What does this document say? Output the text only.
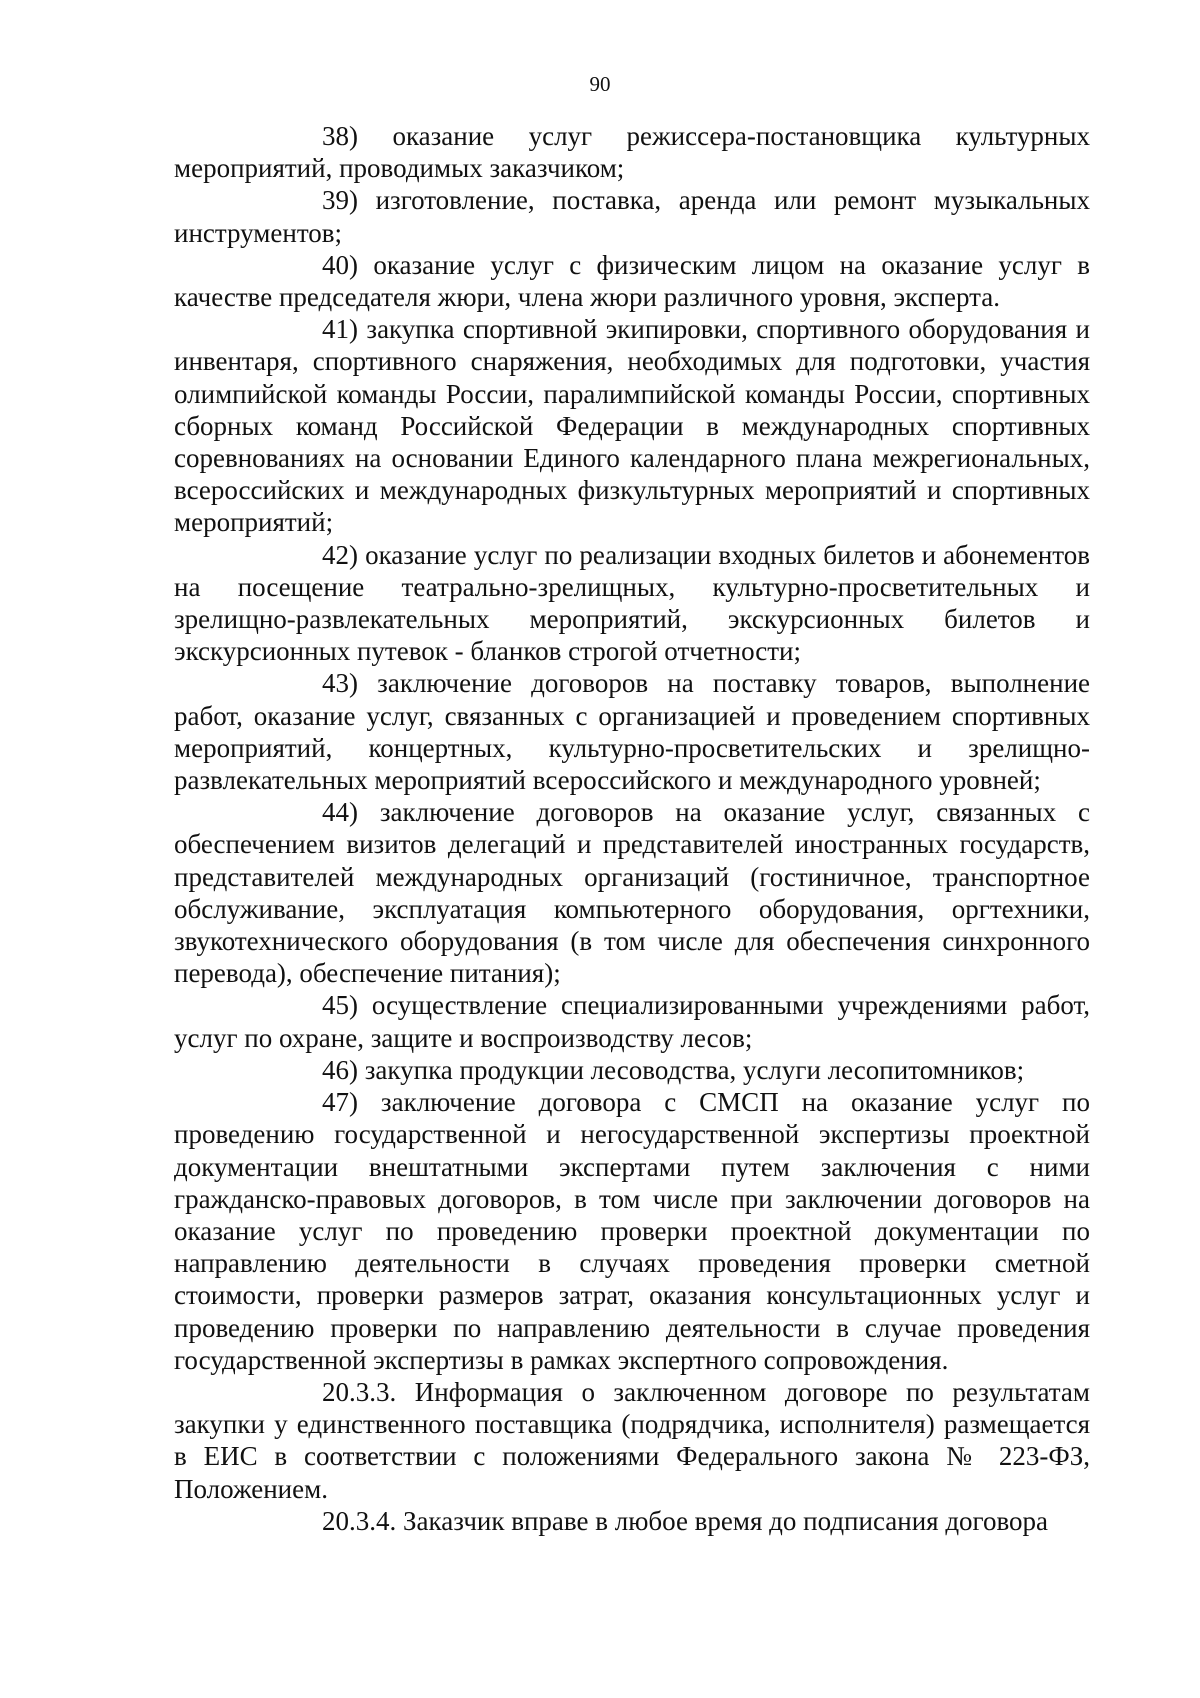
90

38) оказание услуг режиссера-постановщика культурных мероприятий, проводимых заказчиком;

39) изготовление, поставка, аренда или ремонт музыкальных инструментов;

40) оказание услуг с физическим лицом на оказание услуг в качестве председателя жюри, члена жюри различного уровня, эксперта.

41) закупка спортивной экипировки, спортивного оборудования и инвентаря, спортивного снаряжения, необходимых для подготовки, участия олимпийской команды России, паралимпийской команды России, спортивных сборных команд Российской Федерации в международных спортивных соревнованиях на основании Единого календарного плана межрегиональных, всероссийских и международных физкультурных мероприятий и спортивных мероприятий;

42) оказание услуг по реализации входных билетов и абонементов на посещение театрально-зрелищных, культурно-просветительных и зрелищно-развлекательных мероприятий, экскурсионных билетов и экскурсионных путевок - бланков строгой отчетности;

43) заключение договоров на поставку товаров, выполнение работ, оказание услуг, связанных с организацией и проведением спортивных мероприятий, концертных, культурно-просветительских и зрелищно-развлекательных мероприятий всероссийского и международного уровней;

44) заключение договоров на оказание услуг, связанных с обеспечением визитов делегаций и представителей иностранных государств, представителей международных организаций (гостиничное, транспортное обслуживание, эксплуатация компьютерного оборудования, оргтехники, звукотехнического оборудования (в том числе для обеспечения синхронного перевода), обеспечение питания);

45) осуществление специализированными учреждениями работ, услуг по охране, защите и воспроизводству лесов;

46) закупка продукции лесоводства, услуги лесопитомников;

47) заключение договора с СМСП на оказание услуг по проведению государственной и негосударственной экспертизы проектной документации внештатными экспертами путем заключения с ними гражданско-правовых договоров, в том числе при заключении договоров на оказание услуг по проведению проверки проектной документации по направлению деятельности в случаях проведения проверки сметной стоимости, проверки размеров затрат, оказания консультационных услуг и проведению проверки по направлению деятельности в случае проведения государственной экспертизы в рамках экспертного сопровождения.

20.3.3. Информация о заключенном договоре по результатам закупки у единственного поставщика (подрядчика, исполнителя) размещается в ЕИС в соответствии с положениями Федерального закона № 223-ФЗ, Положением.

20.3.4. Заказчик вправе в любое время до подписания договора
